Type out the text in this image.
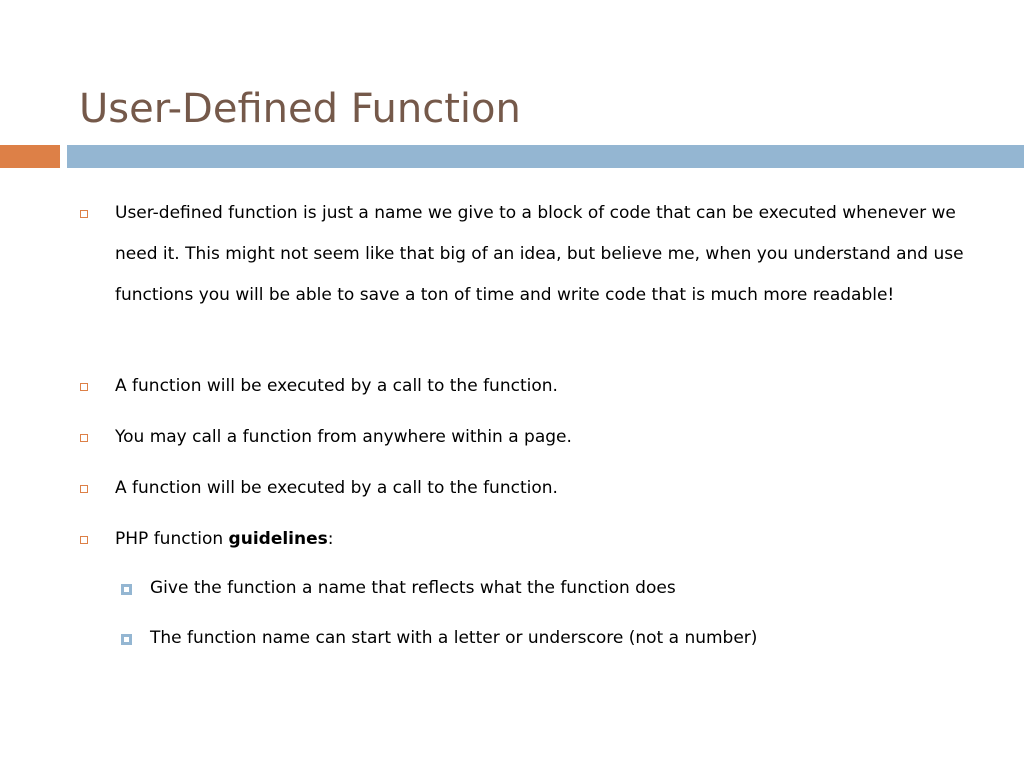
User-Defined Function
User-defined function is just a name we give to a block of code that can be executed whenever we need it. This might not seem like that big of an idea, but believe me, when you understand and use functions you will be able to save a ton of time and write code that is much more readable!
A function will be executed by a call to the function.
You may call a function from anywhere within a page.
A function will be executed by a call to the function.
PHP function guidelines:
Give the function a name that reflects what the function does
The function name can start with a letter or underscore (not a number)
